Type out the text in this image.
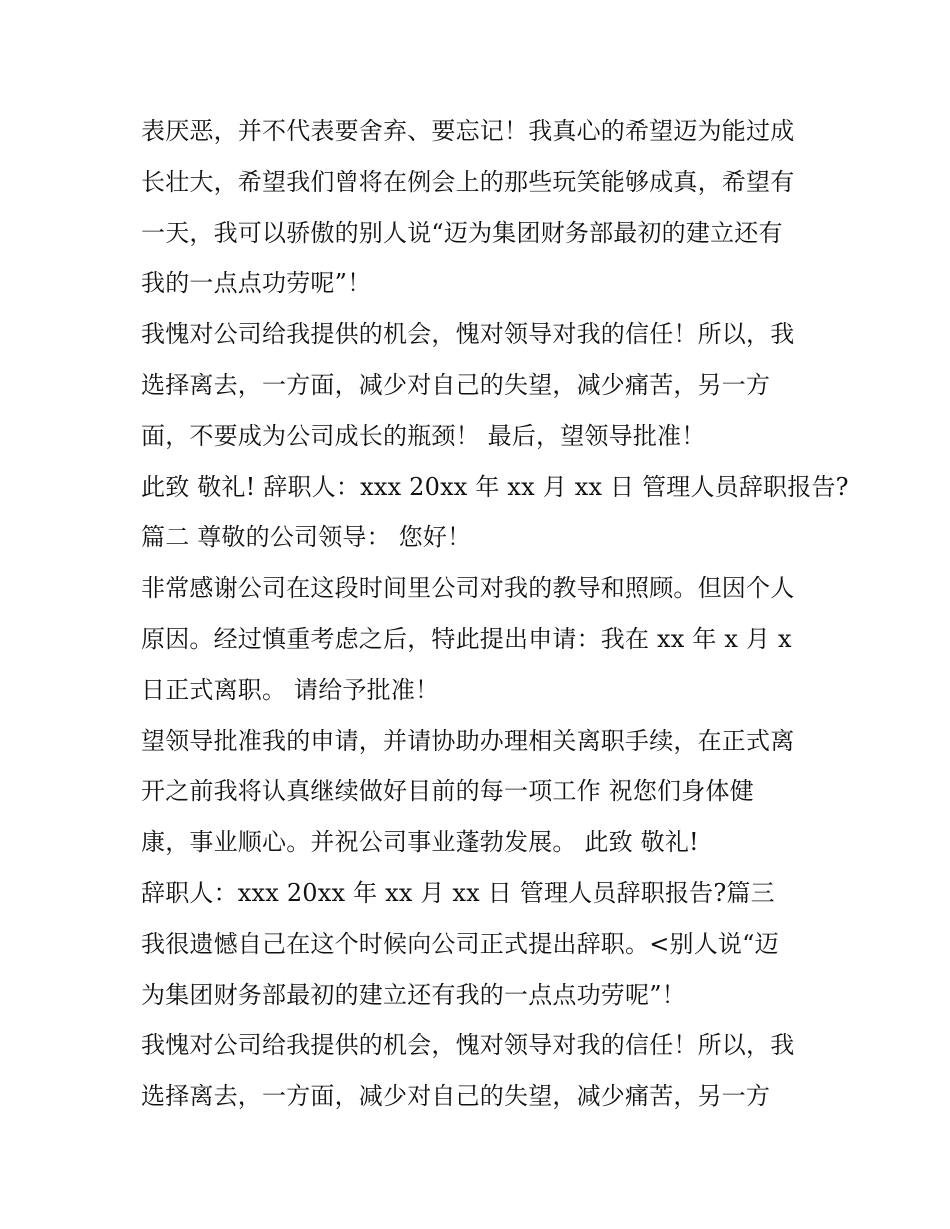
表厌恶，并不代表要舍弃、要忘记！我真心的希望迈为能过成
长壮大，希望我们曾将在例会上的那些玩笑能够成真，希望有
一天，我可以骄傲的别人说“迈为集团财务部最初的建立还有
我的一点点功劳呢”！
我愧对公司给我提供的机会，愧对领导对我的信任！所以，我
选择离去，一方面，减少对自己的失望，减少痛苦，另一方
面，不要成为公司成长的瓶颈！ 最后，望领导批准！
此致 敬礼! 辞职人：xxx 20xx 年 xx 月 xx 日 管理人员辞职报告?
篇二 尊敬的公司领导： 您好！
非常感谢公司在这段时间里公司对我的教导和照顾。但因个人
原因。经过慎重考虑之后，特此提出申请：我在 xx 年 x 月 x
日正式离职。 请给予批准！
望领导批准我的申请，并请协助办理相关离职手续，在正式离
开之前我将认真继续做好目前的每一项工作 祝您们身体健
康，事业顺心。并祝公司事业蓬勃发展。 此致 敬礼!
辞职人：xxx 20xx 年 xx 月 xx 日 管理人员辞职报告?篇三
我很遗憾自己在这个时候向公司正式提出辞职。<别人说“迈
为集团财务部最初的建立还有我的一点点功劳呢”！
我愧对公司给我提供的机会，愧对领导对我的信任！所以，我
选择离去，一方面，减少对自己的失望，减少痛苦，另一方
